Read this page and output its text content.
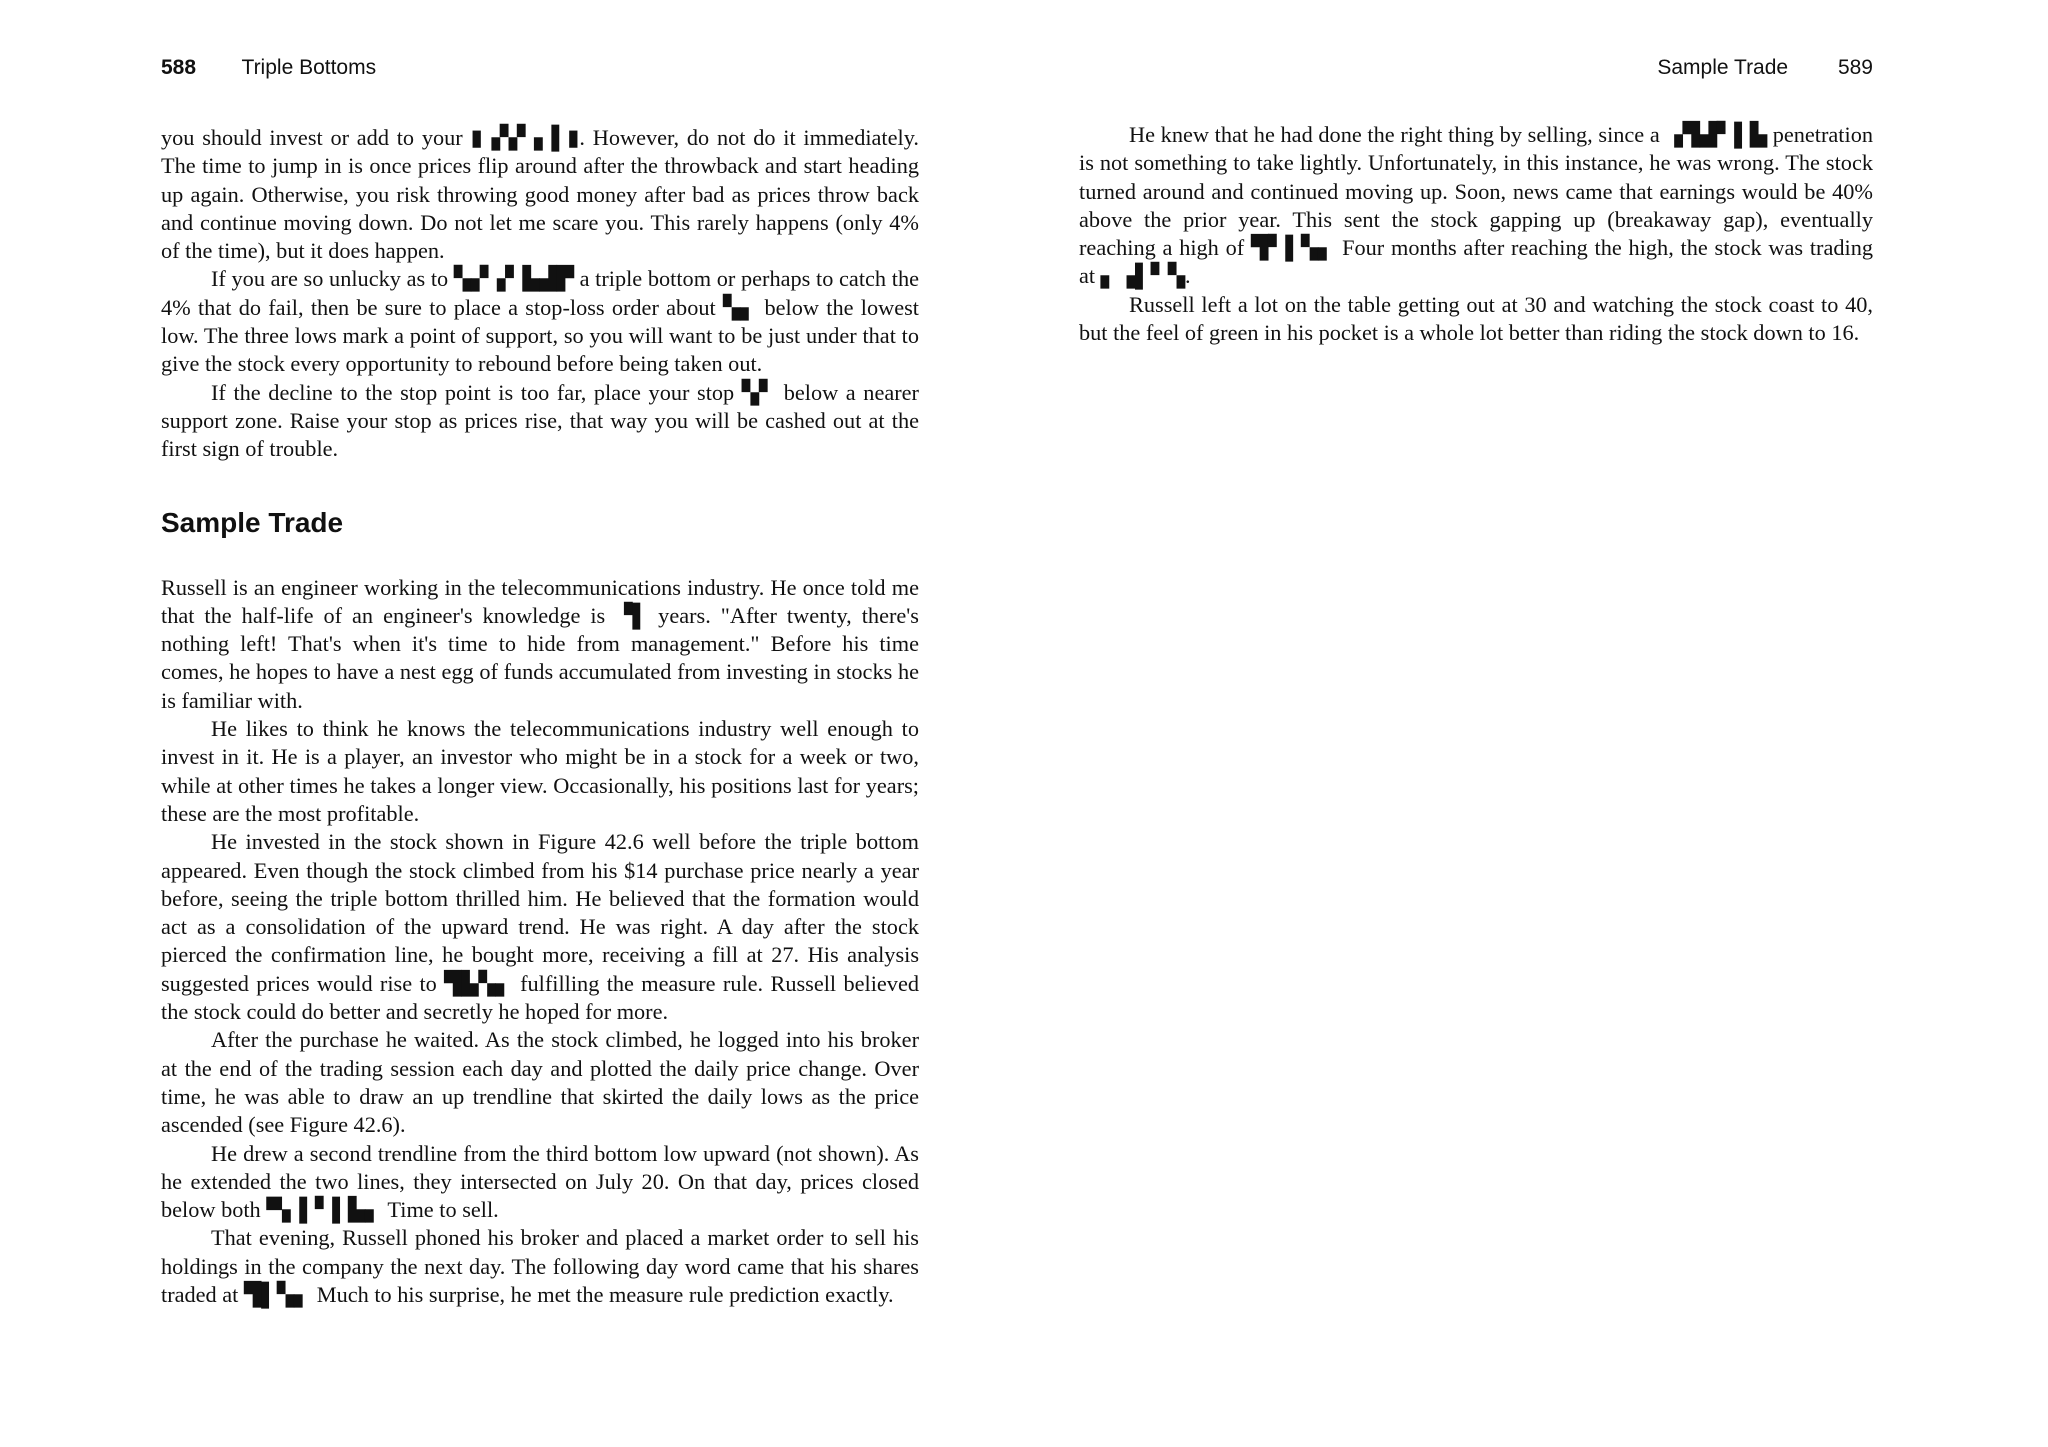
588 Triple Bottoms

you should invest or add to your ▮▗▚▘▖▌▮. However, do not do it immediately. The time to jump in is once prices flip around after the throwback and start heading up again. Otherwise, you risk throwing good money after bad as prices throw back and continue moving down. Do not let me scare you. This rarely happens (only 4% of the time), but it does happen.

If you are so unlucky as to ▚▞▗▘▙▟▛ a triple bottom or perhaps to catch the 4% that do fail, then be sure to place a stop-loss order about ▚▖ below the lowest low. The three lows mark a point of support, so you will want to be just under that to give the stock every opportunity to rebound before being taken out.

If the decline to the stop point is too far, place your stop ▚▘ below a nearer support zone. Raise your stop as prices rise, that way you will be cashed out at the first sign of trouble.

Sample Trade

Russell is an engineer working in the telecommunications industry. He once told me that the half-life of an engineer's knowledge is ▝▌ years. "After twenty, there's nothing left! That's when it's time to hide from management." Before his time comes, he hopes to have a nest egg of funds accumulated from investing in stocks he is familiar with.

He likes to think he knows the telecommunications industry well enough to invest in it. He is a player, an investor who might be in a stock for a week or two, while at other times he takes a longer view. Occasionally, his positions last for years; these are the most profitable.

He invested in the stock shown in Figure 42.6 well before the triple bottom appeared. Even though the stock climbed from his $14 purchase price nearly a year before, seeing the triple bottom thrilled him. He believed that the formation would act as a consolidation of the upward trend. He was right. A day after the stock pierced the confirmation line, he bought more, receiving a fill at 27. His analysis suggested prices would rise to ▜▙▚▖ fulfilling the measure rule. Russell believed the stock could do better and secretly he hoped for more.

After the purchase he waited. As the stock climbed, he logged into his broker at the end of the trading session each day and plotted the daily price change. Over time, he was able to draw an up trendline that skirted the daily lows as the price ascended (see Figure 42.6).

He drew a second trendline from the third bottom low upward (not shown). As he extended the two lines, they intersected on July 20. On that day, prices closed below both ▀▖▌▘▌▙▖ Time to sell.

That evening, Russell phoned his broker and placed a market order to sell his holdings in the company the next day. The following day word came that his shares traded at ▜▌▚▖ Much to his surprise, he met the measure rule prediction exactly.

Sample Trade 589

He knew that he had done the right thing by selling, since a ▗▜▟▘▌▙ penetration is not something to take lightly. Unfortunately, in this instance, he was wrong. The stock turned around and continued moving up. Soon, news came that earnings would be 40% above the prior year. This sent the stock gapping up (breakaway gap), eventually reaching a high of ▜▘▌▚▖ Four months after reaching the high, the stock was trading at ▖▗▌▘▚.

Russell left a lot on the table getting out at 30 and watching the stock coast to 40, but the feel of green in his pocket is a whole lot better than riding the stock down to 16.
